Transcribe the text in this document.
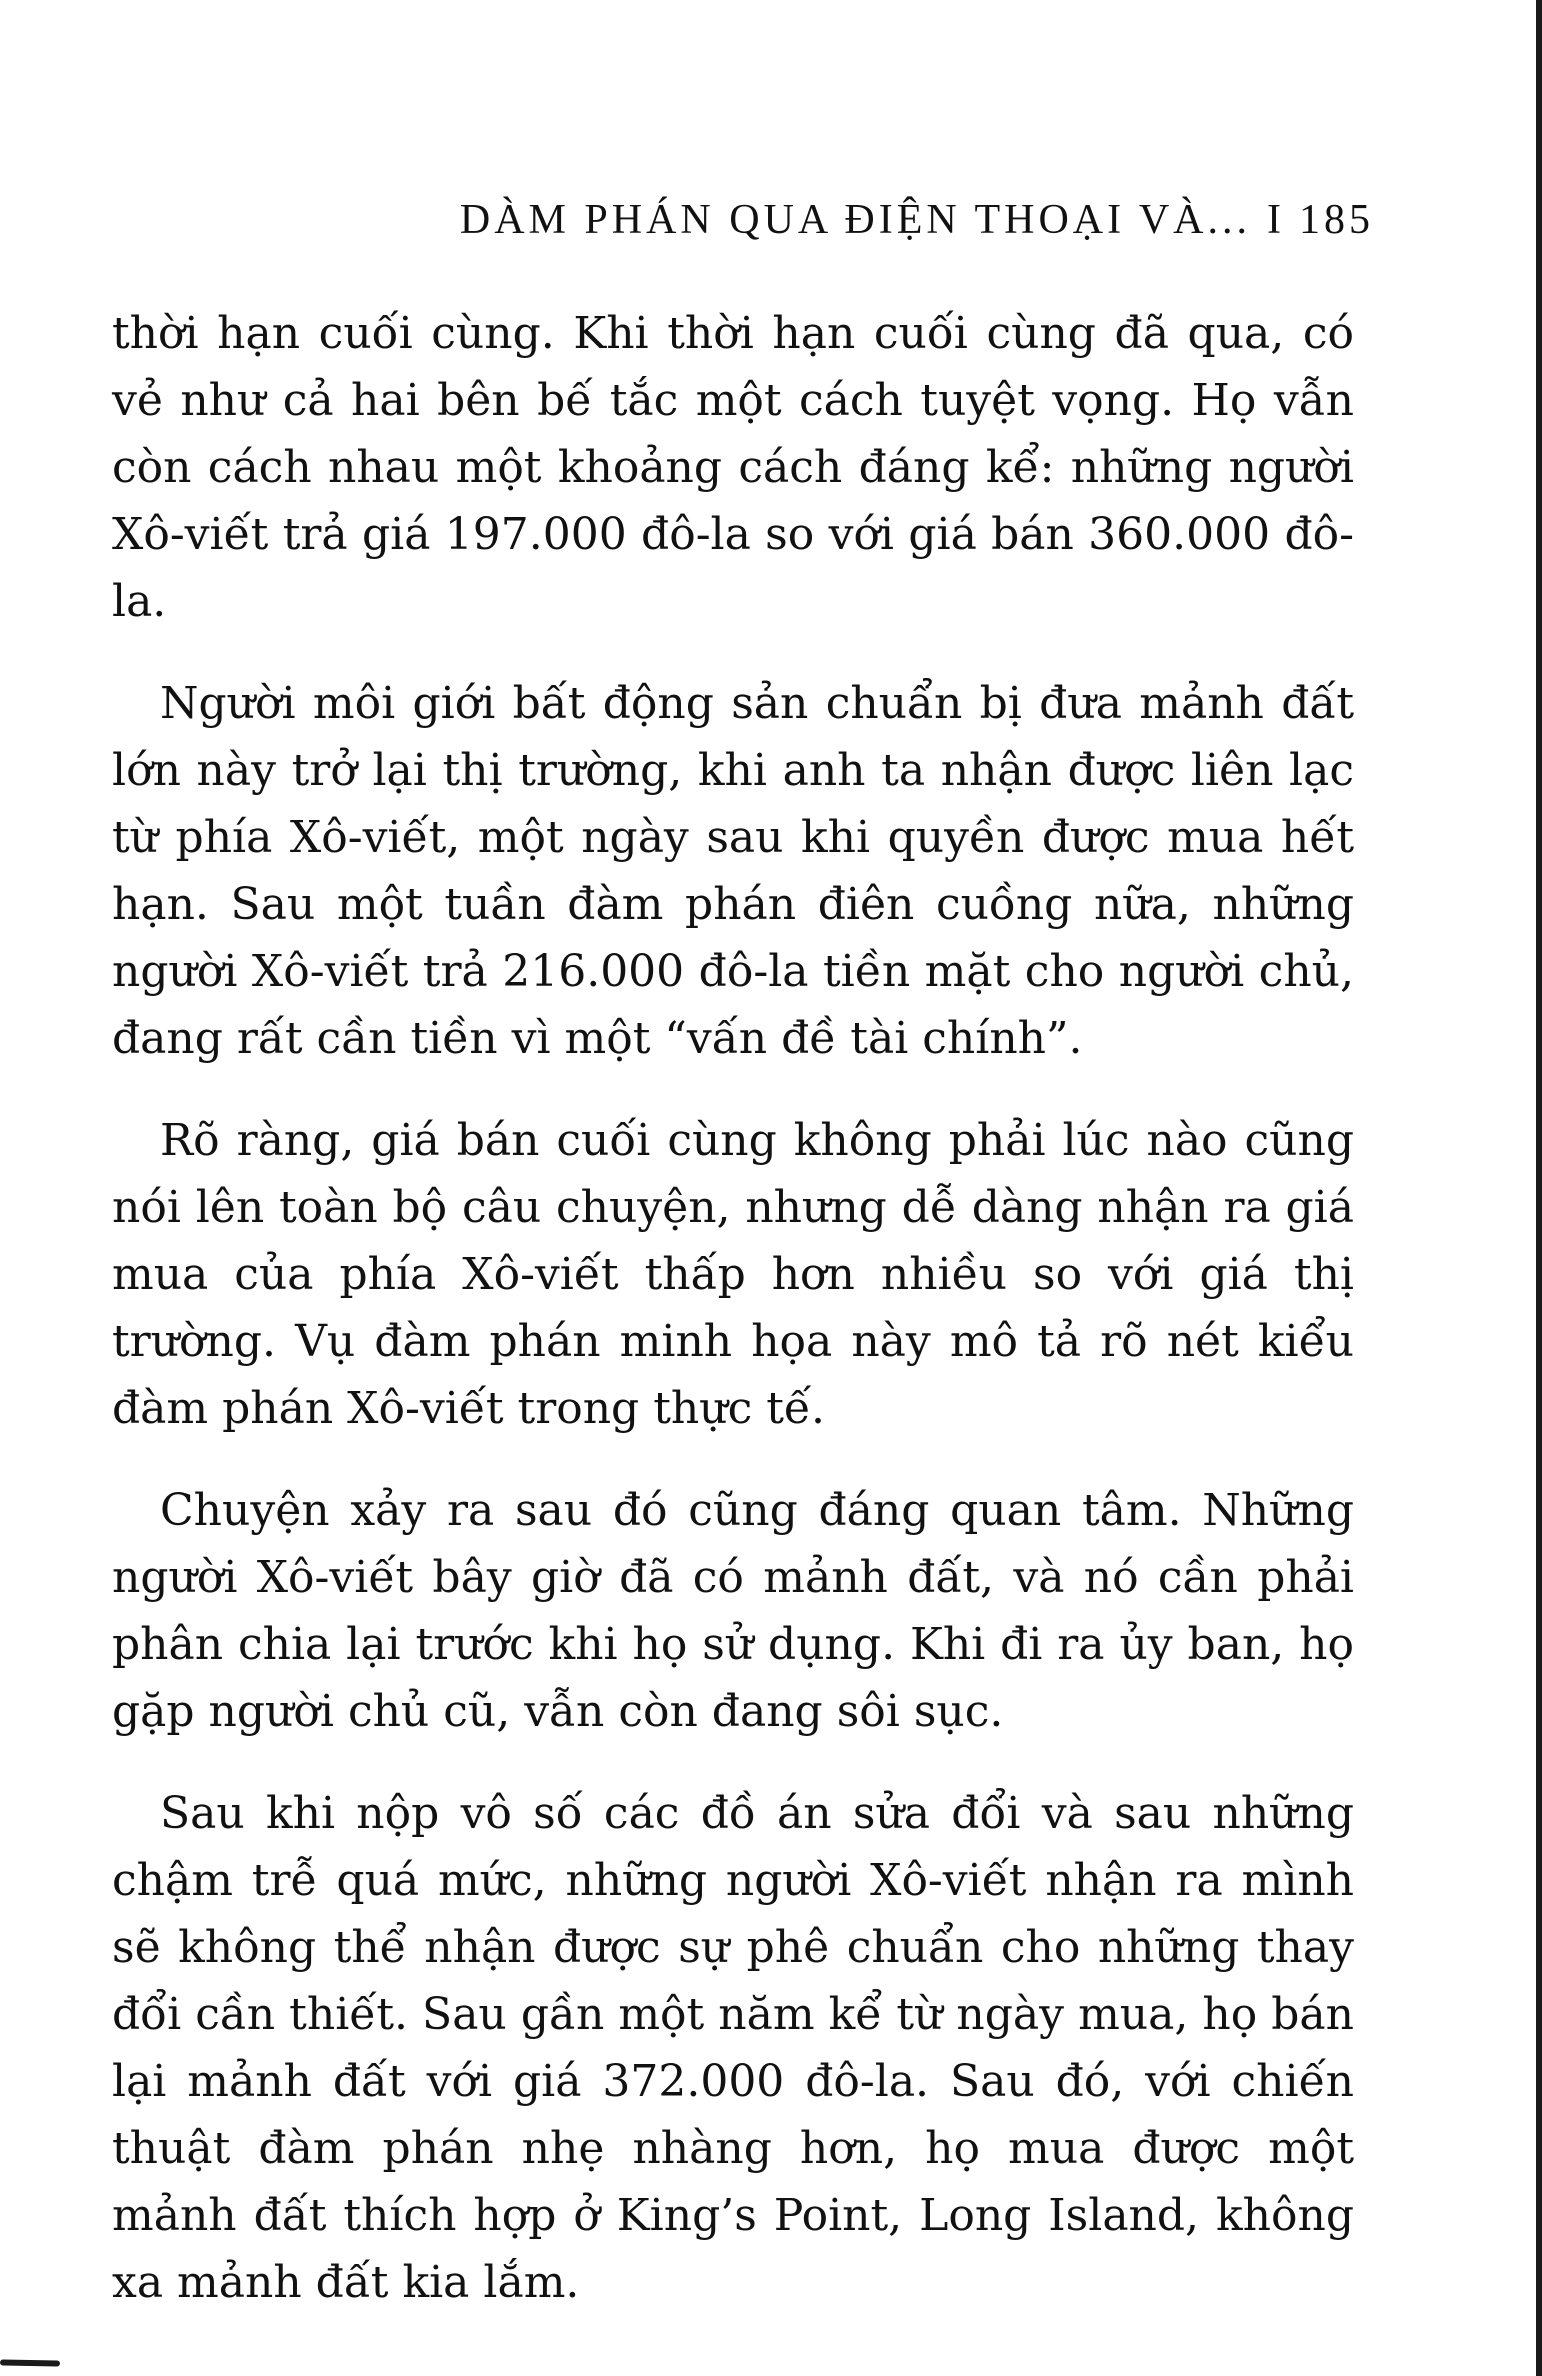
DÀM PHÁN QUA ĐIỆN THOẠI VÀ... I 185

thời hạn cuối cùng. Khi thời hạn cuối cùng đã qua, có vẻ như cả hai bên bế tắc một cách tuyệt vọng. Họ vẫn còn cách nhau một khoảng cách đáng kể: những người Xô-viết trả giá 197.000 đô-la so với giá bán 360.000 đô-la.

Người môi giới bất động sản chuẩn bị đưa mảnh đất lớn này trở lại thị trường, khi anh ta nhận được liên lạc từ phía Xô-viết, một ngày sau khi quyền được mua hết hạn. Sau một tuần đàm phán điên cuồng nữa, những người Xô-viết trả 216.000 đô-la tiền mặt cho người chủ, đang rất cần tiền vì một “vấn đề tài chính”.

Rõ ràng, giá bán cuối cùng không phải lúc nào cũng nói lên toàn bộ câu chuyện, nhưng dễ dàng nhận ra giá mua của phía Xô-viết thấp hơn nhiều so với giá thị trường. Vụ đàm phán minh họa này mô tả rõ nét kiểu đàm phán Xô-viết trong thực tế.

Chuyện xảy ra sau đó cũng đáng quan tâm. Những người Xô-viết bây giờ đã có mảnh đất, và nó cần phải phân chia lại trước khi họ sử dụng. Khi đi ra ủy ban, họ gặp người chủ cũ, vẫn còn đang sôi sục.

Sau khi nộp vô số các đồ án sửa đổi và sau những chậm trễ quá mức, những người Xô-viết nhận ra mình sẽ không thể nhận được sự phê chuẩn cho những thay đổi cần thiết. Sau gần một năm kể từ ngày mua, họ bán lại mảnh đất với giá 372.000 đô-la. Sau đó, với chiến thuật đàm phán nhẹ nhàng hơn, họ mua được một mảnh đất thích hợp ở King’s Point, Long Island, không xa mảnh đất kia lắm.
